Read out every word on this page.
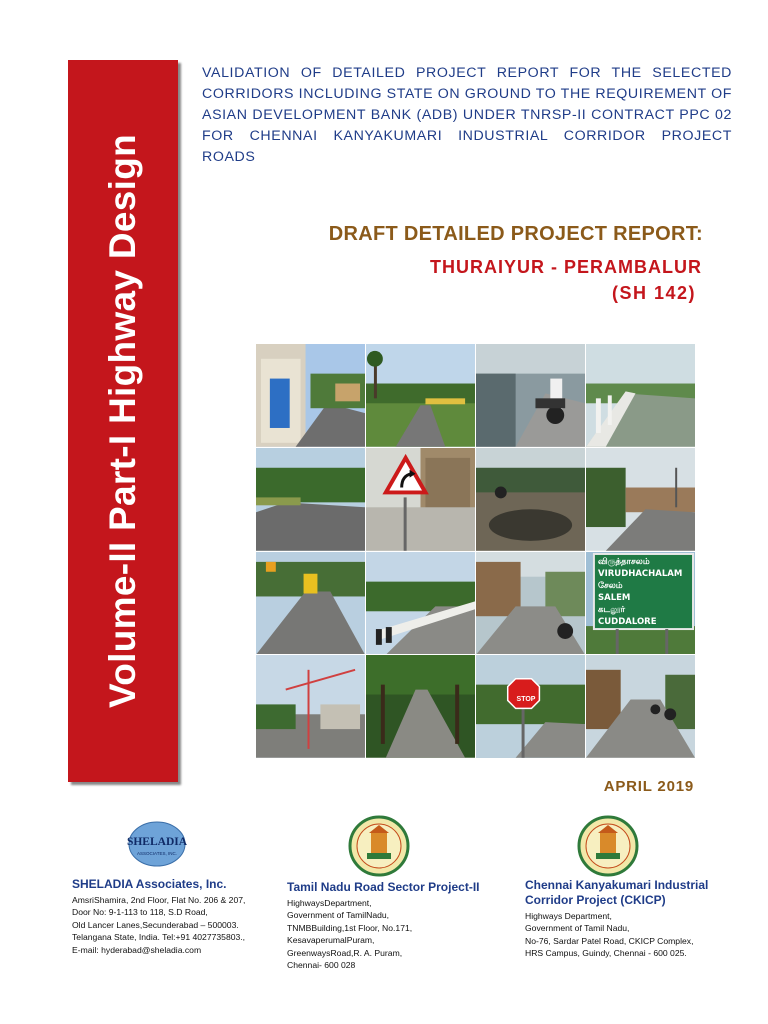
Volume-II Part-I Highway Design
VALIDATION OF DETAILED PROJECT REPORT FOR THE SELECTED CORRIDORS INCLUDING STATE ON GROUND TO THE REQUIREMENT OF ASIAN DEVELOPMENT BANK (ADB) UNDER TNRSP-II CONTRACT PPC 02 FOR CHENNAI KANYAKUMARI INDUSTRIAL CORRIDOR PROJECT ROADS
DRAFT DETAILED PROJECT REPORT:
THURAIYUR - PERAMBALUR
(SH 142)
விருத்தாசலம்
VIRUDHACHALAM
சேலம்
SALEM
கடலூர்
CUDDALORE
STOP
APRIL 2019
SHELADIA
ASSOCIATES, INC.
SHELADIA Associates, Inc.
AmsriShamira, 2nd Floor, Flat No. 206 & 207,
Door No: 9-1-113 to 118, S.D Road,
Old Lancer Lanes,Secunderabad – 500003.
Telangana State, India. Tel:+91 4027735803.,
E-mail: hyderabad@sheladia.com
Tamil Nadu Road Sector Project-II
HighwaysDepartment,
Government of TamilNadu,
TNMBBuilding,1st Floor, No.171,
KesavaperumalPuram,
GreenwaysRoad,R. A. Puram,
Chennai- 600 028
Chennai Kanyakumari Industrial
Corridor Project (CKICP)
Highways Department,
Government of Tamil Nadu,
No-76, Sardar Patel Road, CKICP Complex,
HRS Campus, Guindy, Chennai - 600 025.
